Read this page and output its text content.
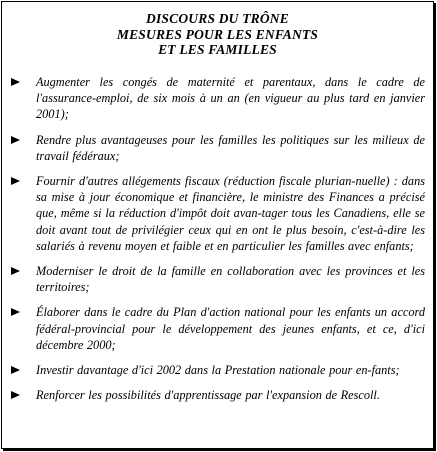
DISCOURS DU TRÔNE
MESURES POUR LES ENFANTS
ET LES FAMILLES
Augmenter les congés de maternité et parentaux, dans le cadre de l'assurance-emploi, de six mois à un an (en vigueur au plus tard en janvier 2001);
Rendre plus avantageuses pour les familles les politiques sur les milieux de travail fédéraux;
Fournir d'autres allégements fiscaux (réduction fiscale plurian-nuelle) : dans sa mise à jour économique et financière, le ministre des Finances a précisé que, même si la réduction d'impôt doit avan-tager tous les Canadiens, elle se doit avant tout de privilégier ceux qui en ont le plus besoin, c'est-à-dire les salariés à revenu moyen et faible et en particulier les familles avec enfants;
Moderniser le droit de la famille en collaboration avec les provinces et les territoires;
Élaborer dans le cadre du Plan d'action national pour les enfants un accord fédéral-provincial pour le développement des jeunes enfants, et ce, d'ici décembre 2000;
Investir davantage d'ici 2002 dans la Prestation nationale pour en-fants;
Renforcer les possibilités d'apprentissage par l'expansion de Rescoll.
